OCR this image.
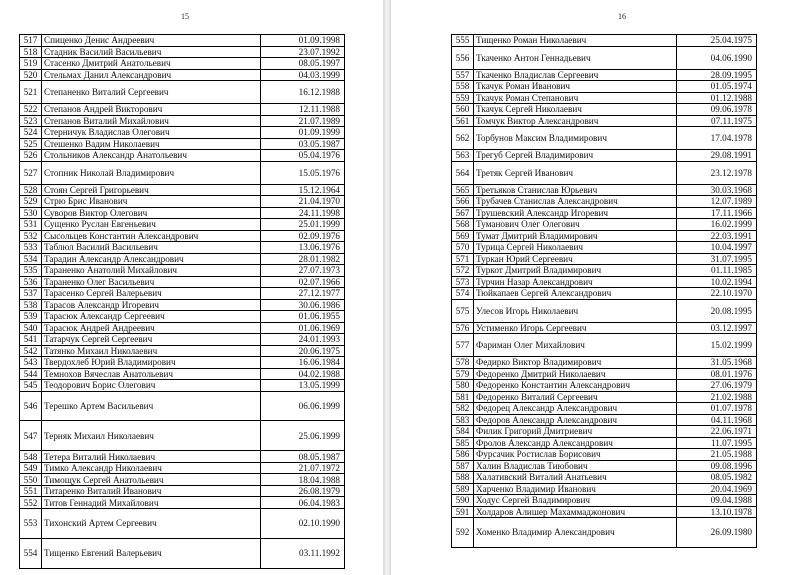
15
517	Спиценко Денис Андреевич	01.09.1998
518	Стадник Василий Васильевич	23.07.1992
519	Стасенко Дмитрий Анатольевич	08.05.1997
520	Стельмах Данил Александрович	04.03.1999
521	Степаненко Виталий Сергеевич	16.12.1988
522	Степанов Андрей Викторович	12.11.1988
523	Степанов Виталий Михайлович	21.07.1989
524	Стерничук Владислав Олегович	01.09.1999
525	Стешенко Вадим Николаевич	03.05.1987
526	Стольников Александр Анатольевич	05.04.1976
527	Стопник Николай Владимирович	15.05.1976
528	Стоян Сергей Григорьевич	15.12.1964
529	Стрю Брис Иванович	21.04.1970
530	Суворов Виктор Олегович	24.11.1998
531	Сущенко Руслан Евгеньевич	25.01.1999
532	Сысольцев Константин Александрович	02.09.1976
533	Таблюл Василий Васильевич	13.06.1976
534	Тарадин Александр Александрович	28.01.1982
535	Тараненко Анатолий Михайлович	27.07.1973
536	Тараненко Олег Васильевич	02.07.1966
537	Тарасенко Сергей Валерьевич	27.12.1977
538	Тарасов Александр Игоревич	30.06.1986
539	Тарасюк Александр Сергеевич	01.06.1955
540	Тарасюк Андрей Андреевич	01.06.1969
541	Татарчук Сергей Сергеевич	24.01.1993
542	Татянко Михаил Николаевич	20.06.1975
543	Твердохлеб Юрий Владимирович	16.06.1984
544	Темнохов Вячеслав Анатольевич	04.02.1988
545	Теодорович Борис Олегович	13.05.1999
546	Терешко Артем Васильевич	06.06.1999
547	Терняк Михаил Николаевич	25.06.1999
548	Тетера Виталий Николаевич	08.05.1987
549	Тимко Александр Николаевич	21.07.1972
550	Тимощук Сергей Анатольевич	18.04.1988
551	Титаренко Виталий Иванович	26.08.1979
552	Титов Геннадий Михайлович	06.04.1983
553	Тихонский Артем Сергеевич	02.10.1990
554	Тищенко Евгений Валерьевич	03.11.1992
16
555	Тищенко Роман Николаевич	25.04.1975
556	Ткаченко Антон Геннадьевич	04.06.1990
557	Ткаченко Владислав Сергеевич	28.09.1995
558	Ткачук Роман Иванович	01.05.1974
559	Ткачук Роман Степанович	01.12.1988
560	Ткачук Сергей Николаевич	09.06.1978
561	Томчук Виктор Александрович	07.11.1975
562	Торбунов Максим Владимирович	17.04.1978
563	Трегуб Сергей Владимирович	29.08.1991
564	Третяк Сергей Иванович	23.12.1978
565	Третьяков Станислав Юрьевич	30.03.1968
566	Трубачев Станислав Александрович	12.07.1989
567	Трушевский Александр Игоревич	17.11.1966
568	Туманович Олег Олегович	16.02.1999
569	Тумат Дмитрий Владимирович	22.03.1991
570	Турица Сергей Николаевич	10.04.1997
571	Туркан Юрий Сергеевич	31.07.1995
572	Туркот Дмитрий Владимирович	01.11.1985
573	Турчин Назар Александрович	10.02.1994
574	Тюйкапаев Сергей Александрович	22.10.1970
575	Улесов Игорь Николаевич	20.08.1995
576	Устименко Игорь Сергеевич	03.12.1997
577	Фариман Олег Михайлович	15.02.1999
578	Федирко Виктор Владимирович	31.05.1968
579	Федоренко Дмитрий Николаевич	08.01.1976
580	Федоренко Константин Александрович	27.06.1979
581	Федоренко Виталий Сергеевич	21.02.1988
582	Федорец Александр Александрович	01.07.1978
583	Федоров Александр Александрович	04.11.1968
584	Филик Григорий Дмитриевич	22.06.1971
585	Фролов Александр Александрович	11.07.1995
586	Фурсачик Ростислав Борисович	21.05.1988
587	Халин Владислав Тиюбович	09.08.1996
588	Халативский Виталий Анатьевич	08.05.1982
589	Харченко Владимир Иванович	20.04.1969
590	Ходус Сергей Владимирович	09.04.1988
591	Холдаров Алишер Махаммаджонович	13.10.1978
592	Хоменко Владимир Александрович	26.09.1980
